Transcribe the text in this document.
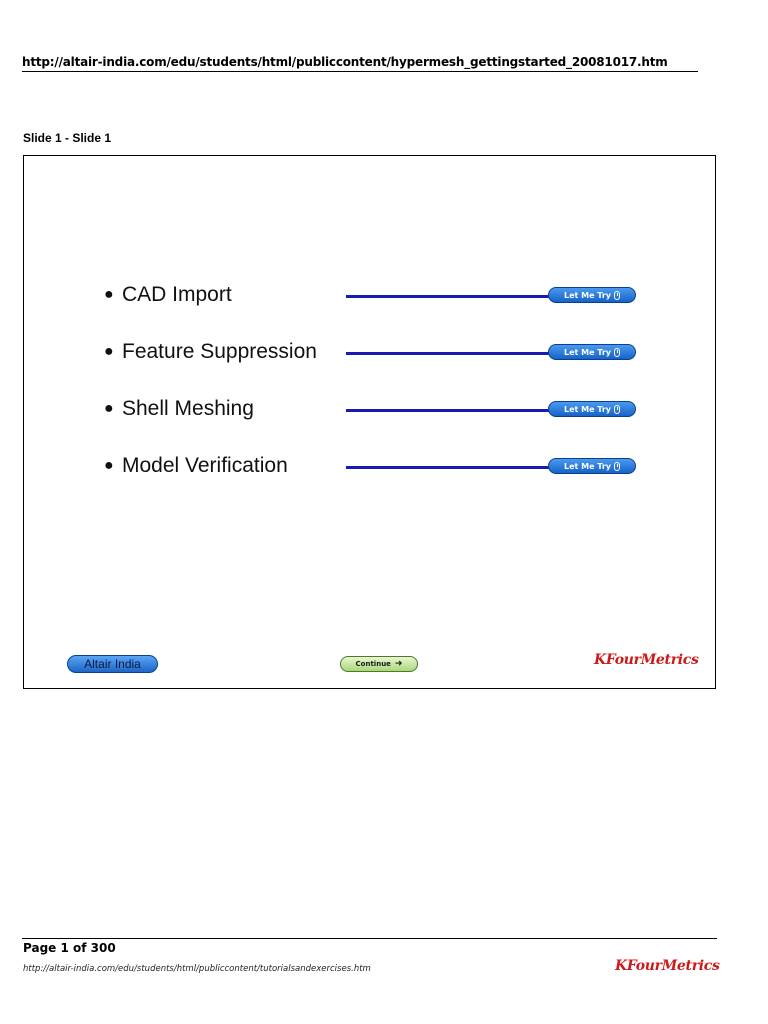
http://altair-india.com/edu/students/html/publiccontent/hypermesh_gettingstarted_20081017.htm
Slide 1 - Slide 1
● CAD Import	Let Me Try
● Feature Suppression	Let Me Try
● Shell Meshing	Let Me Try
● Model Verification	Let Me Try
Altair India	Continue ➜	KFourMetrics
Page 1 of 300
http://altair-india.com/edu/students/html/publiccontent/tutorialsandexercises.htm	KFourMetrics
